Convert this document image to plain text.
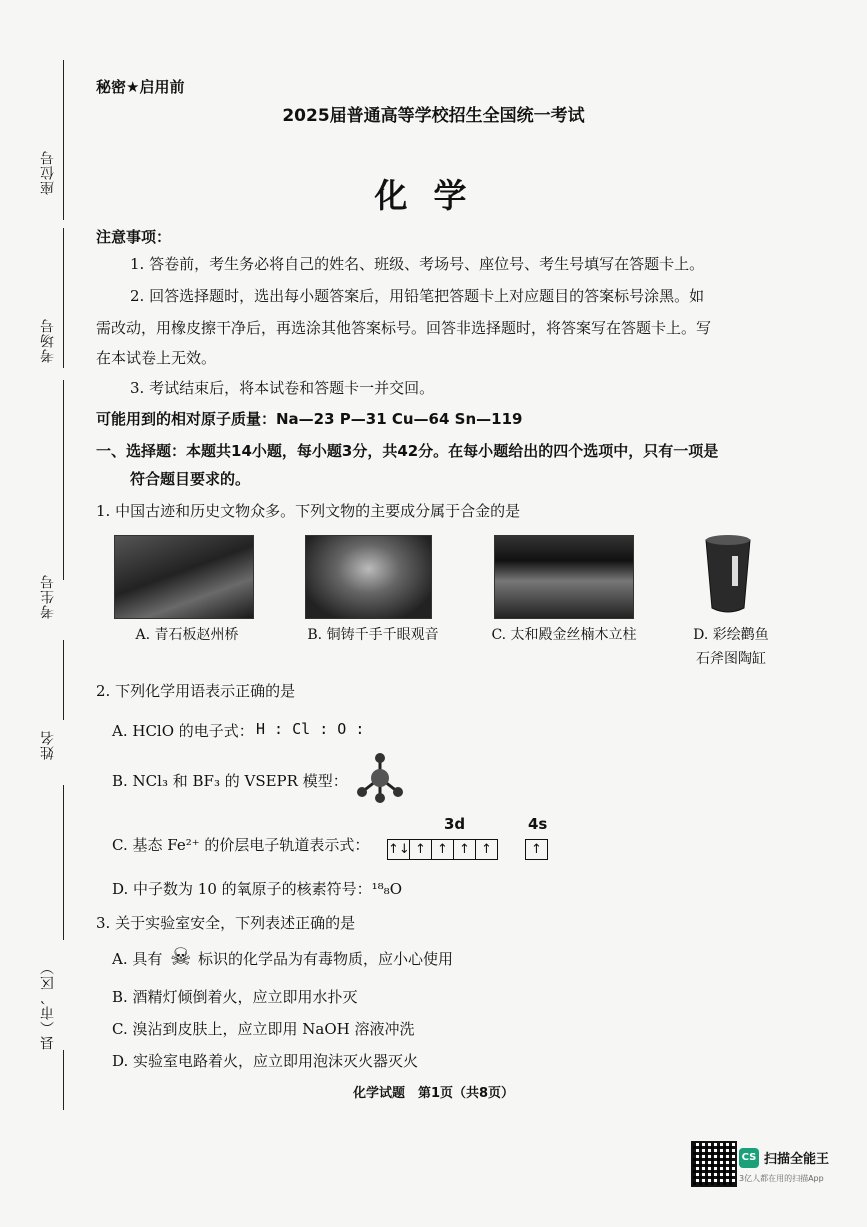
座位号
考场号
考生号
姓名
县（市、区）
秘密★启用前
2025届普通高等学校招生全国统一考试
化学
注意事项：
1. 答卷前，考生务必将自己的姓名、班级、考场号、座位号、考生号填写在答题卡上。
2. 回答选择题时，选出每小题答案后，用铅笔把答题卡上对应题目的答案标号涂黑。如
需改动，用橡皮擦干净后，再选涂其他答案标号。回答非选择题时，将答案写在答题卡上。写
在本试卷上无效。
3. 考试结束后，将本试卷和答题卡一并交回。
可能用到的相对原子质量：Na—23 P—31 Cu—64 Sn—119
一、选择题：本题共14小题，每小题3分，共42分。在每小题给出的四个选项中，只有一项是
符合题目要求的。
1. 中国古迹和历史文物众多。下列文物的主要成分属于合金的是
A. 青石板赵州桥	B. 铜铸千手千眼观音	C. 太和殿金丝楠木立柱	D. 彩绘鹳鱼
石斧图陶缸
2. 下列化学用语表示正确的是
A. HClO 的电子式： H : Cl : O :
B. NCl₃ 和 BF₃ 的 VSEPR 模型：
C. 基态 Fe²⁺ 的价层电子轨道表示式：
3d	4s
↑↓ ↑ ↑ ↑ ↑	↑
D. 中子数为 10 的氧原子的核素符号：¹⁸₈O
3. 关于实验室安全，下列表述正确的是
A. 具有 ☠ 标识的化学品为有毒物质，应小心使用
B. 酒精灯倾倒着火，应立即用水扑灭
C. 溴沾到皮肤上，应立即用 NaOH 溶液冲洗
D. 实验室电路着火，应立即用泡沫灭火器灭火
化学试题　第1页（共8页）
CS 扫描全能王
3亿人都在用的扫描App
